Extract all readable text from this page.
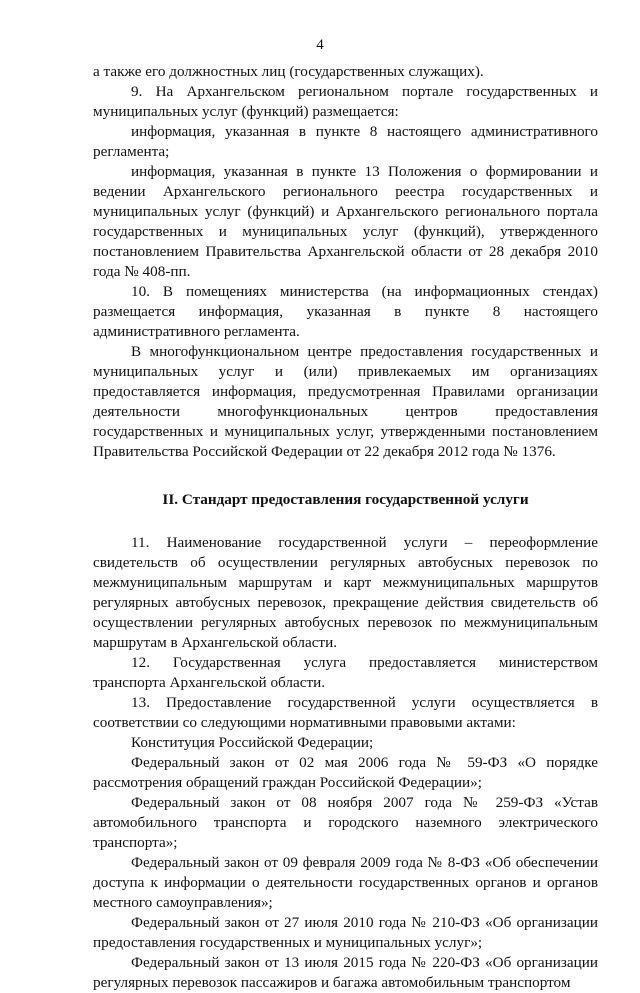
4

а также его должностных лиц (государственных служащих).

9. На Архангельском региональном портале государственных и муниципальных услуг (функций) размещается:

информация, указанная в пункте 8 настоящего административного регламента;

информация, указанная в пункте 13 Положения о формировании и ведении Архангельского регионального реестра государственных и муниципальных услуг (функций) и Архангельского регионального портала государственных и муниципальных услуг (функций), утвержденного постановлением Правительства Архангельской области от 28 декабря 2010 года № 408-пп.

10. В помещениях министерства (на информационных стендах) размещается информация, указанная в пункте 8 настоящего административного регламента.

В многофункциональном центре предоставления государственных и муниципальных услуг и (или) привлекаемых им организациях предоставляется информация, предусмотренная Правилами организации деятельности многофункциональных центров предоставления государственных и муниципальных услуг, утвержденными постановлением Правительства Российской Федерации от 22 декабря 2012 года № 1376.

II. Стандарт предоставления государственной услуги

11. Наименование государственной услуги – переоформление свидетельств об осуществлении регулярных автобусных перевозок по межмуниципальным маршрутам и карт межмуниципальных маршрутов регулярных автобусных перевозок, прекращение действия свидетельств об осуществлении регулярных автобусных перевозок по межмуниципальным маршрутам в Архангельской области.

12. Государственная услуга предоставляется министерством транспорта Архангельской области.

13. Предоставление государственной услуги осуществляется в соответствии со следующими нормативными правовыми актами:

Конституция Российской Федерации;

Федеральный закон от 02 мая 2006 года № 59-ФЗ «О порядке рассмотрения обращений граждан Российской Федерации»;

Федеральный закон от 08 ноября 2007 года № 259-ФЗ «Устав автомобильного транспорта и городского наземного электрического транспорта»;

Федеральный закон от 09 февраля 2009 года № 8-ФЗ «Об обеспечении доступа к информации о деятельности государственных органов и органов местного самоуправления»;

Федеральный закон от 27 июля 2010 года № 210-ФЗ «Об организации предоставления государственных и муниципальных услуг»;

Федеральный закон от 13 июля 2015 года № 220-ФЗ «Об организации регулярных перевозок пассажиров и багажа автомобильным транспортом
